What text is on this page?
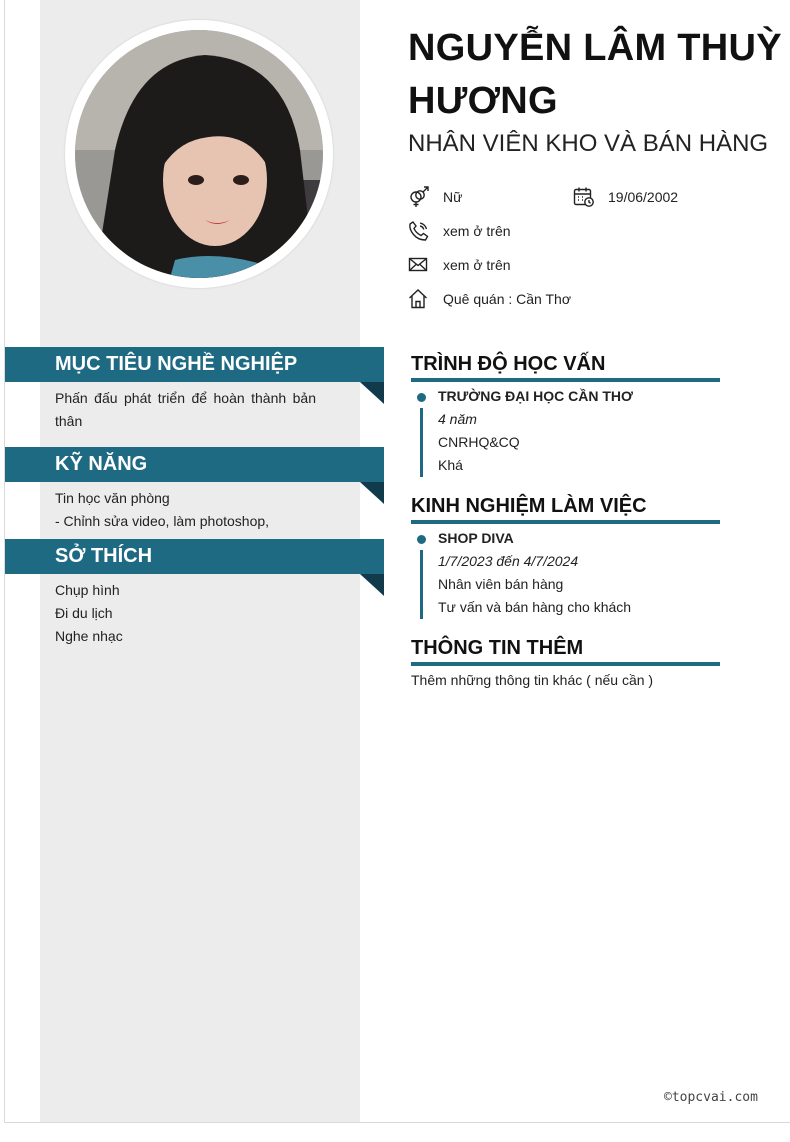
MỤC TIÊU NGHỀ NGHIỆP
Phấn đấu phát triển để hoàn thành bản thân
KỸ NĂNG
Tin học văn phòng
- Chỉnh sửa video, làm photoshop,
SỞ THÍCH
Chụp hình
Đi du lịch
Nghe nhạc
NGUYỄN LÂM THUỲ HƯƠNG
NHÂN VIÊN KHO VÀ BÁN HÀNG
Nữ	19/06/2002
xem ở trên
xem ở trên
Quê quán : Cần Thơ
TRÌNH ĐỘ HỌC VẤN
TRƯỜNG ĐẠI HỌC CẦN THƠ
4 năm
CNRHQ&CQ
Khá
KINH NGHIỆM LÀM VIỆC
SHOP DIVA
1/7/2023 đến 4/7/2024
Nhân viên bán hàng
Tư vấn và bán hàng cho khách
THÔNG TIN THÊM
Thêm những thông tin khác ( nếu cần )
©topcvai.com
